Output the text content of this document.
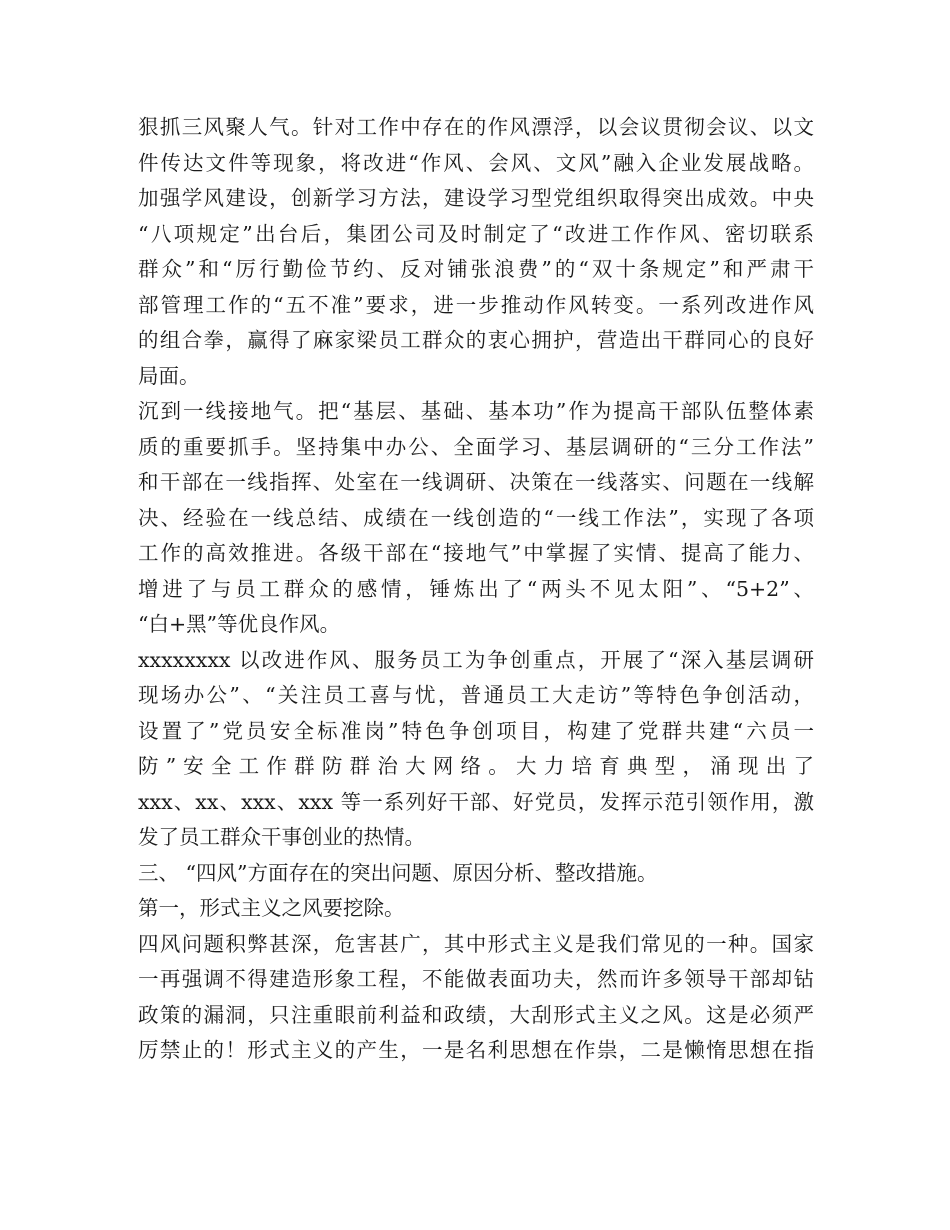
狠抓三风聚人气。针对工作中存在的作风漂浮，以会议贯彻会议、以文
件传达文件等现象，将改进“作风、会风、文风”融入企业发展战略。
加强学风建设，创新学习方法，建设学习型党组织取得突出成效。中央
“八项规定”出台后，集团公司及时制定了“改进工作作风、密切联系
群众”和“厉行勤俭节约、反对铺张浪费”的“双十条规定”和严肃干
部管理工作的“五不准”要求，进一步推动作风转变。一系列改进作风
的组合拳，赢得了麻家梁员工群众的衷心拥护，营造出干群同心的良好
局面。
沉到一线接地气。把“基层、基础、基本功”作为提高干部队伍整体素
质的重要抓手。坚持集中办公、全面学习、基层调研的“三分工作法”
和干部在一线指挥、处室在一线调研、决策在一线落实、问题在一线解
决、经验在一线总结、成绩在一线创造的“一线工作法”，实现了各项
工作的高效推进。各级干部在“接地气”中掌握了实情、提高了能力、
增进了与员工群众的感情，锤炼出了“两头不见太阳”、“5+2”、
“白+黑”等优良作风。
xxxxxxxx 以改进作风、服务员工为争创重点，开展了“深入基层调研
现场办公”、“关注员工喜与忧，普通员工大走访”等特色争创活动，
设置了”党员安全标准岗”特色争创项目，构建了党群共建“六员一
防 ” 安 全 工 作 群 防 群 治 大 网 络 。 大 力 培 育 典 型 ， 涌 现 出 了
xxx、xx、xxx、xxx 等一系列好干部、好党员，发挥示范引领作用，激
发了员工群众干事创业的热情。
三、 “四风”方面存在的突出问题、原因分析、整改措施。
第一，形式主义之风要挖除。
四风问题积弊甚深，危害甚广，其中形式主义是我们常见的一种。国家
一再强调不得建造形象工程，不能做表面功夫，然而许多领导干部却钻
政策的漏洞，只注重眼前利益和政绩，大刮形式主义之风。这是必须严
厉禁止的！形式主义的产生，一是名利思想在作祟，二是懒惰思想在指
